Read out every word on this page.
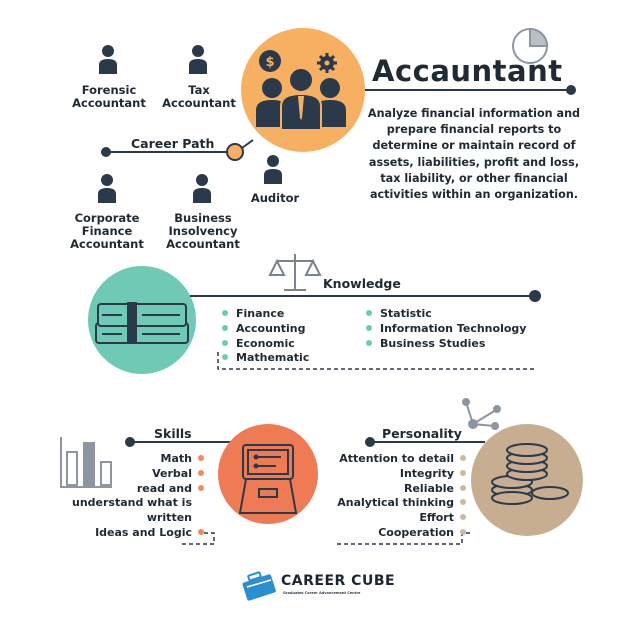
$	Accauntant
Analyze financial information and prepare financial reports to determine or maintain record of assets, liabilities, profit and loss, tax liability, or other financial activities within an organization.
Career Path
Forensic
Accountant
Tax
Accountant
Corporate
Finance
Accountant
Business
Insolvency
Accountant
Auditor
Knowledge
Finance
Accounting
Economic
Mathematic
Statistic
Information Technology
Business Studies
Skills
Math
Verbal
read and
understand what is
written
Ideas and Logic
Personality
Attention to detail
Integrity
Reliable
Analytical thinking
Effort
Cooperation
CAREER CUBE
Graduates Career Advancement Centre
